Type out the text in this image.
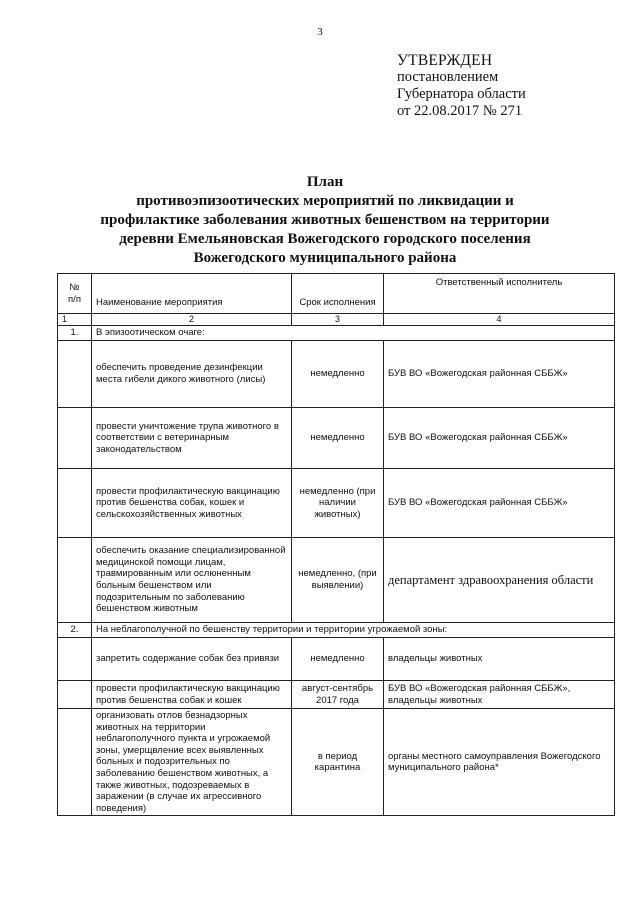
3
УТВЕРЖДЕН
постановлением
Губернатора области
от 22.08.2017 № 271
План
противоэпизоотических мероприятий по ликвидации и
профилактике заболевания животных бешенством на территории
деревни Емельяновская Вожегодского городского поселения
Вожегодского муниципального района
№
п/п	Наименование мероприятия	Срок исполнения	Ответственный исполнитель
1	2	3	4
1.	В эпизоотическом очаге:		
	обеспечить проведение дезинфекции места гибели дикого животного (лисы)	немедленно	БУВ ВО «Вожегодская районная СББЖ»
	провести уничтожение трупа животного в соответствии с ветеринарным законодательством	немедленно	БУВ ВО «Вожегодская районная СББЖ»
	провести профилактическую вакцинацию против бешенства собак, кошек и сельскохозяйственных животных	немедленно (при наличии животных)	БУВ ВО «Вожегодская районная СББЖ»
	обеспечить оказание специализированной медицинской помощи лицам, травмированным или ослюненным больным бешенством или подозрительным по заболеванию бешенством животным	немедленно, (при выявлении)	департамент здравоохранения области
2.	На неблагополучной по бешенству территории и территории угрожаемой зоны:		
	запретить содержание собак без привязи	немедленно	владельцы животных
	провести профилактическую вакцинацию против бешенства собак и кошек	август-сентябрь 2017 года	БУВ ВО «Вожегодская районная СББЖ», владельцы животных
	организовать отлов безнадзорных животных на территории неблагополучного пункта и угрожаемой зоны, умерщвление всех выявленных больных и подозрительных по заболеванию бешенством животных, а также животных, подозреваемых в заражении (в случае их агрессивного поведения)	в период карантина	органы местного самоуправления Вожегодского муниципального района*
